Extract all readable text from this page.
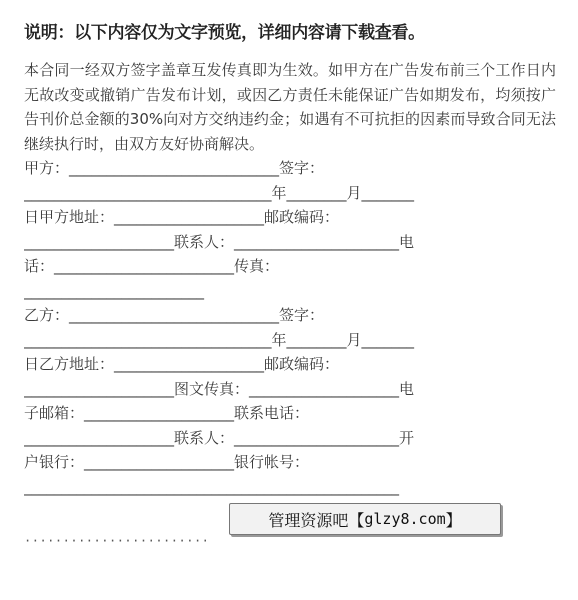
说明：以下内容仅为文字预览，详细内容请下载查看。

本合同一经双方签字盖章互发传真即为生效。如甲方在广告发布前三个工作日内无故改变或撤销广告发布计划，或因乙方责任未能保证广告如期发布，均须按广告刊价总金额的30%向对方交纳违约金；如遇有不可抗拒的因素而导致合同无法继续执行时，由双方友好协商解决。

甲方：____________________________签字：
_________________________________年________月_______
日甲方地址：____________________邮政编码：
____________________联系人：______________________电
话：________________________传真：
________________________
乙方：____________________________签字：
_________________________________年________月_______
日乙方地址：____________________邮政编码：
____________________图文传真：____________________电
子邮箱：____________________联系电话：
____________________联系人：______________________开
户银行：____________________银行帐号：
__________________________________________________
························
管理资源吧 【 glzy8.com 】
